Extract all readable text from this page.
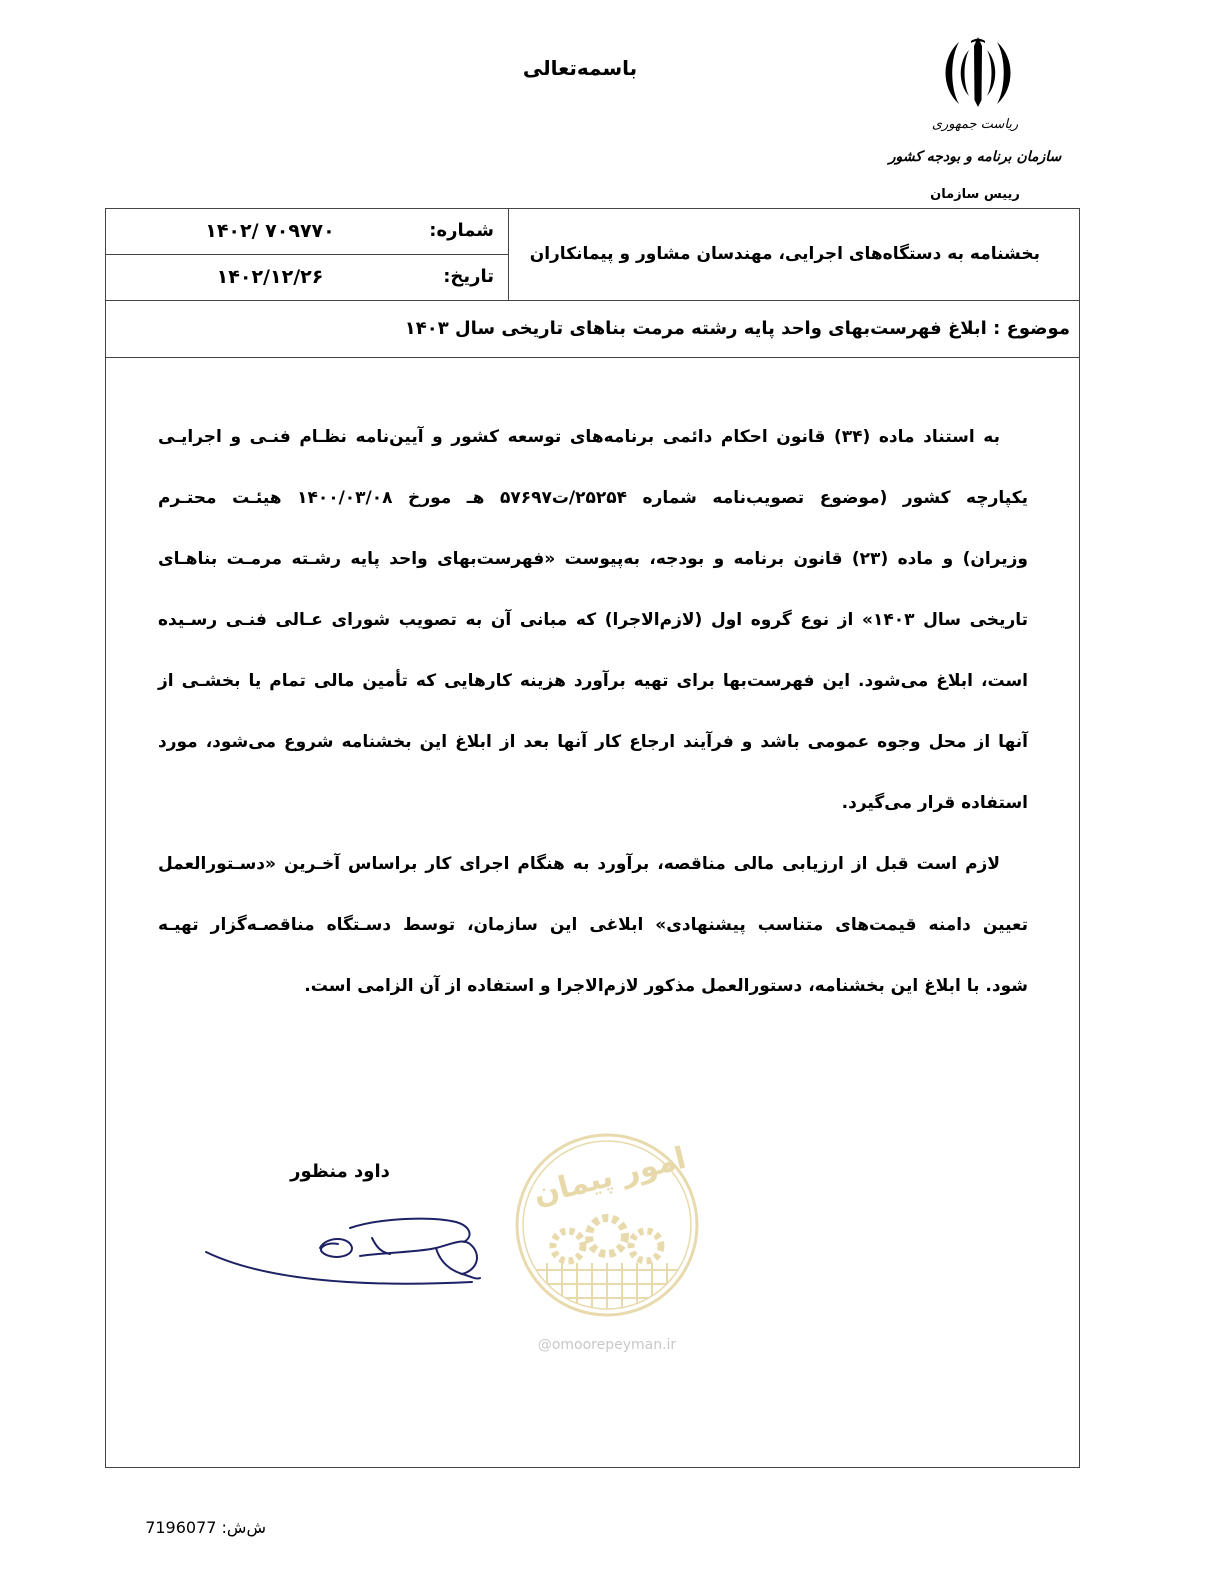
باسمه‌تعالی
ریاست جمهوری
سازمان برنامه و بودجه کشور
رییس سازمان
بخشنامه به دستگاه‌های اجرایی، مهندسان مشاور و پیمانکاران
شماره:
۱۴۰۲/ ۷۰۹۷۷۰
تاریخ:
۱۴۰۲/۱۲/۲۶
موضوع : ابلاغ فهرست‌بهای واحد پایه رشته مرمت بناهای تاریخی سال ۱۴۰۳
به استناد ماده (۳۴) قانون احکام دائمی برنامه‌های توسعه کشور و آیین‌نامه نظـام فنـی و اجرایـی
یکپارچه کشور (موضوع تصویب‌نامه شماره ۲۵۲۵۴/ت۵۷۶۹۷ هـ مورخ ۱۴۰۰/۰۳/۰۸ هیئـت محتـرم
وزیران) و ماده (۲۳) قانون برنامه و بودجه، به‌پیوست «فهرست‌بهای واحد پایه رشـته مرمـت بناهـای
تاریخی سال ۱۴۰۳» از نوع گروه اول (لازم‌الاجرا) که مبانی آن به تصویب شورای عـالی فنـی رسـیده
است، ابلاغ می‌شود. این فهرست‌بها برای تهیه برآورد هزینه کارهایی که تأمین مالی تمام یا بخشـی از
آنها از محل وجوه عمومی باشد و فرآیند ارجاع کار آنها بعد از ابلاغ این بخشنامه شروع می‌شود، مورد
استفاده قرار می‌گیرد.
لازم است قبل از ارزیابی مالی مناقصه، برآورد به هنگام اجرای کار براساس آخـرین «دسـتورالعمل
تعیین دامنه قیمت‌های متناسب پیشنهادی» ابلاغی این سازمان، توسط دسـتگاه مناقصـه‌گزار تهیـه
شود. با ابلاغ این بخشنامه، دستورالعمل مذکور لازم‌الاجرا و استفاده از آن الزامی است.
داود منظور	امور پیمان
@omoorepeyman.ir
ش‌ش: 7196077
